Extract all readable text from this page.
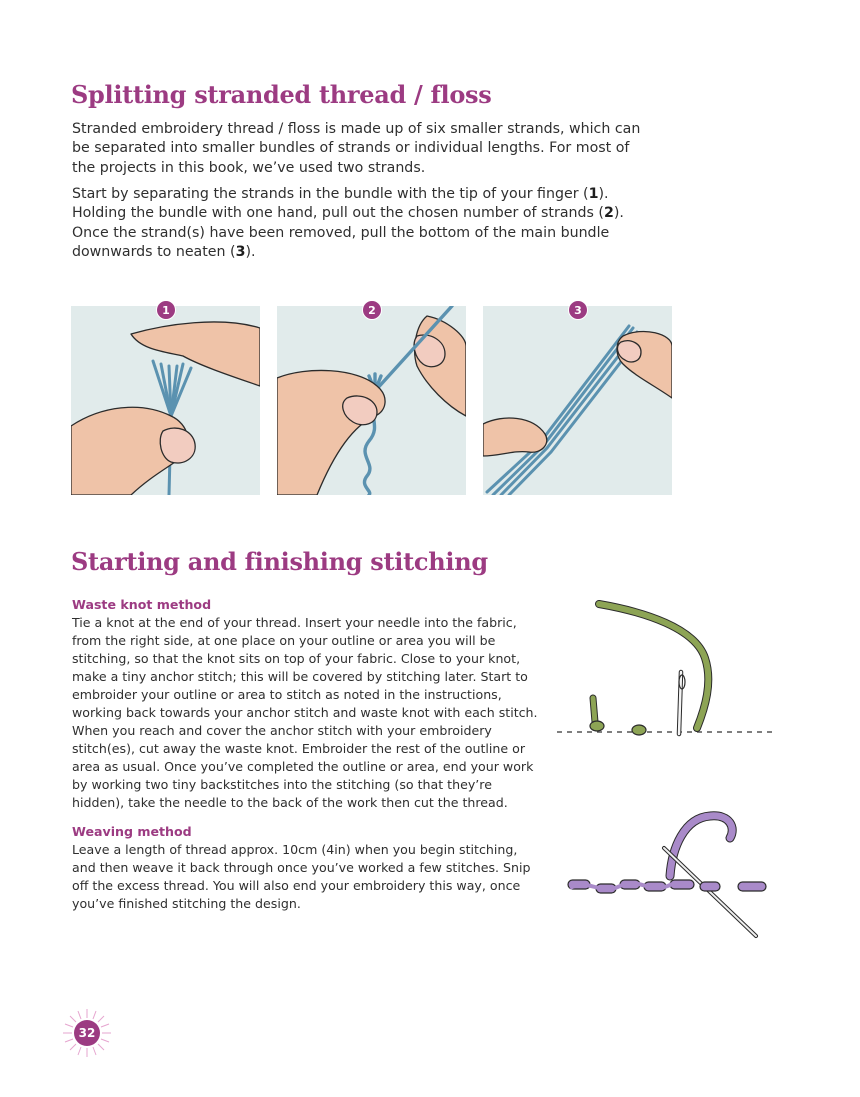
Splitting stranded thread / floss

Stranded embroidery thread / floss is made up of six smaller strands, which can be separated into smaller bundles of strands or individual lengths. For most of the projects in this book, we’ve used two strands.

Start by separating the strands in the bundle with the tip of your finger (1). Holding the bundle with one hand, pull out the chosen number of strands (2). Once the strand(s) have been removed, pull the bottom of the main bundle downwards to neaten (3).

1	2	3
Starting and finishing stitching

Waste knot method

Tie a knot at the end of your thread. Insert your needle into the fabric, from the right side, at one place on your outline or area you will be stitching, so that the knot sits on top of your fabric. Close to your knot, make a tiny anchor stitch; this will be covered by stitching later. Start to embroider your outline or area to stitch as noted in the instructions, working back towards your anchor stitch and waste knot with each stitch. When you reach and cover the anchor stitch with your embroidery stitch(es), cut away the waste knot. Embroider the rest of the outline or area as usual. Once you’ve completed the outline or area, end your work by working two tiny backstitches into the stitching (so that they’re hidden), take the needle to the back of the work then cut the thread.

Weaving method

Leave a length of thread approx. 10cm (4in) when you begin stitching, and then weave it back through once you’ve worked a few stitches. Snip off the excess thread. You will also end your embroidery this way, once you’ve finished stitching the design.

32
